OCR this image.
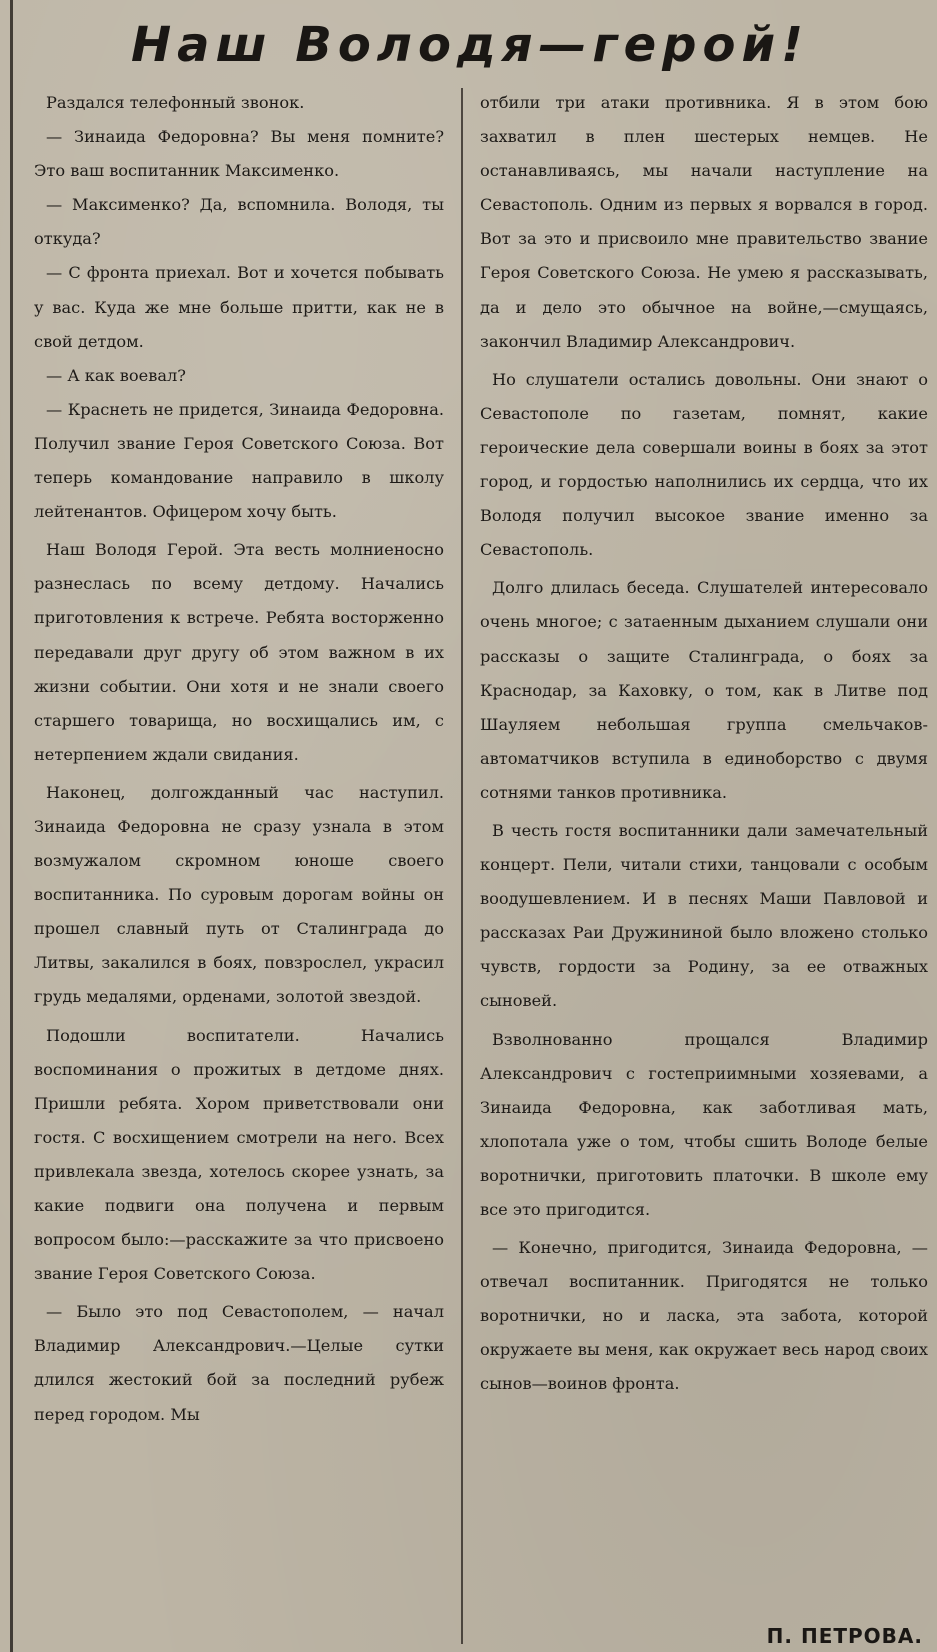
Наш Володя—герой!

Раздался телефонный звонок.

— Зинаида Федоровна? Вы меня помните? Это ваш воспитанник Максименко.

— Максименко? Да, вспомнила. Володя, ты откуда?

— С фронта приехал. Вот и хочется побывать у вас. Куда же мне больше притти, как не в свой детдом.

— А как воевал?

— Краснеть не придется, Зинаида Федоровна. Получил звание Героя Советского Союза. Вот теперь командование направило в школу лейтенантов. Офицером хочу быть.

Наш Володя Герой. Эта весть молниеносно разнеслась по всему детдому. Начались приготовления к встрече. Ребята восторженно передавали друг другу об этом важном в их жизни событии. Они хотя и не знали своего старшего товарища, но восхищались им, с нетерпением ждали свидания.

Наконец, долгожданный час наступил. Зинаида Федоровна не сразу узнала в этом возмужалом скромном юноше своего воспитанника. По суровым дорогам войны он прошел славный путь от Сталинграда до Литвы, закалился в боях, повзрослел, украсил грудь медалями, орденами, золотой звездой.

Подошли воспитатели. Начались воспоминания о прожитых в детдоме днях. Пришли ребята. Хором приветствовали они гостя. С восхищением смотрели на него. Всех привлекала звезда, хотелось скорее узнать, за какие подвиги она получена и первым вопросом было:—расскажите за что присвоено звание Героя Советского Союза.

— Было это под Севастополем, — начал Владимир Александрович.—Целые сутки длился жестокий бой за последний рубеж перед городом. Мы

отбили три атаки противника. Я в этом бою захватил в плен шестерых немцев. Не останавливаясь, мы начали наступление на Севастополь. Одним из первых я ворвался в город. Вот за это и присвоило мне правительство звание Героя Советского Союза. Не умею я рассказывать, да и дело это обычное на войне,—смущаясь, закончил Владимир Александрович.

Но слушатели остались довольны. Они знают о Севастополе по газетам, помнят, какие героические дела совершали воины в боях за этот город, и гордостью наполнились их сердца, что их Володя получил высокое звание именно за Севастополь.

Долго длилась беседа. Слушателей интересовало очень многое; с затаенным дыханием слушали они рассказы о защите Сталинграда, о боях за Краснодар, за Каховку, о том, как в Литве под Шауляем небольшая группа смельчаков-автоматчиков вступила в единоборство с двумя сотнями танков противника.

В честь гостя воспитанники дали замечательный концерт. Пели, читали стихи, танцовали с особым воодушевлением. И в песнях Маши Павловой и рассказах Раи Дружининой было вложено столько чувств, гордости за Родину, за ее отважных сыновей.

Взволнованно прощался Владимир Александрович с гостеприимными хозяевами, а Зинаида Федоровна, как заботливая мать, хлопотала уже о том, чтобы сшить Володе белые воротнички, приготовить платочки. В школе ему все это пригодится.

— Конечно, пригодится, Зинаида Федоровна, — отвечал воспитанник. Пригодятся не только воротнички, но и ласка, эта забота, которой окружаете вы меня, как окружает весь народ своих сынов—воинов фронта.

П. ПЕТРОВА.
